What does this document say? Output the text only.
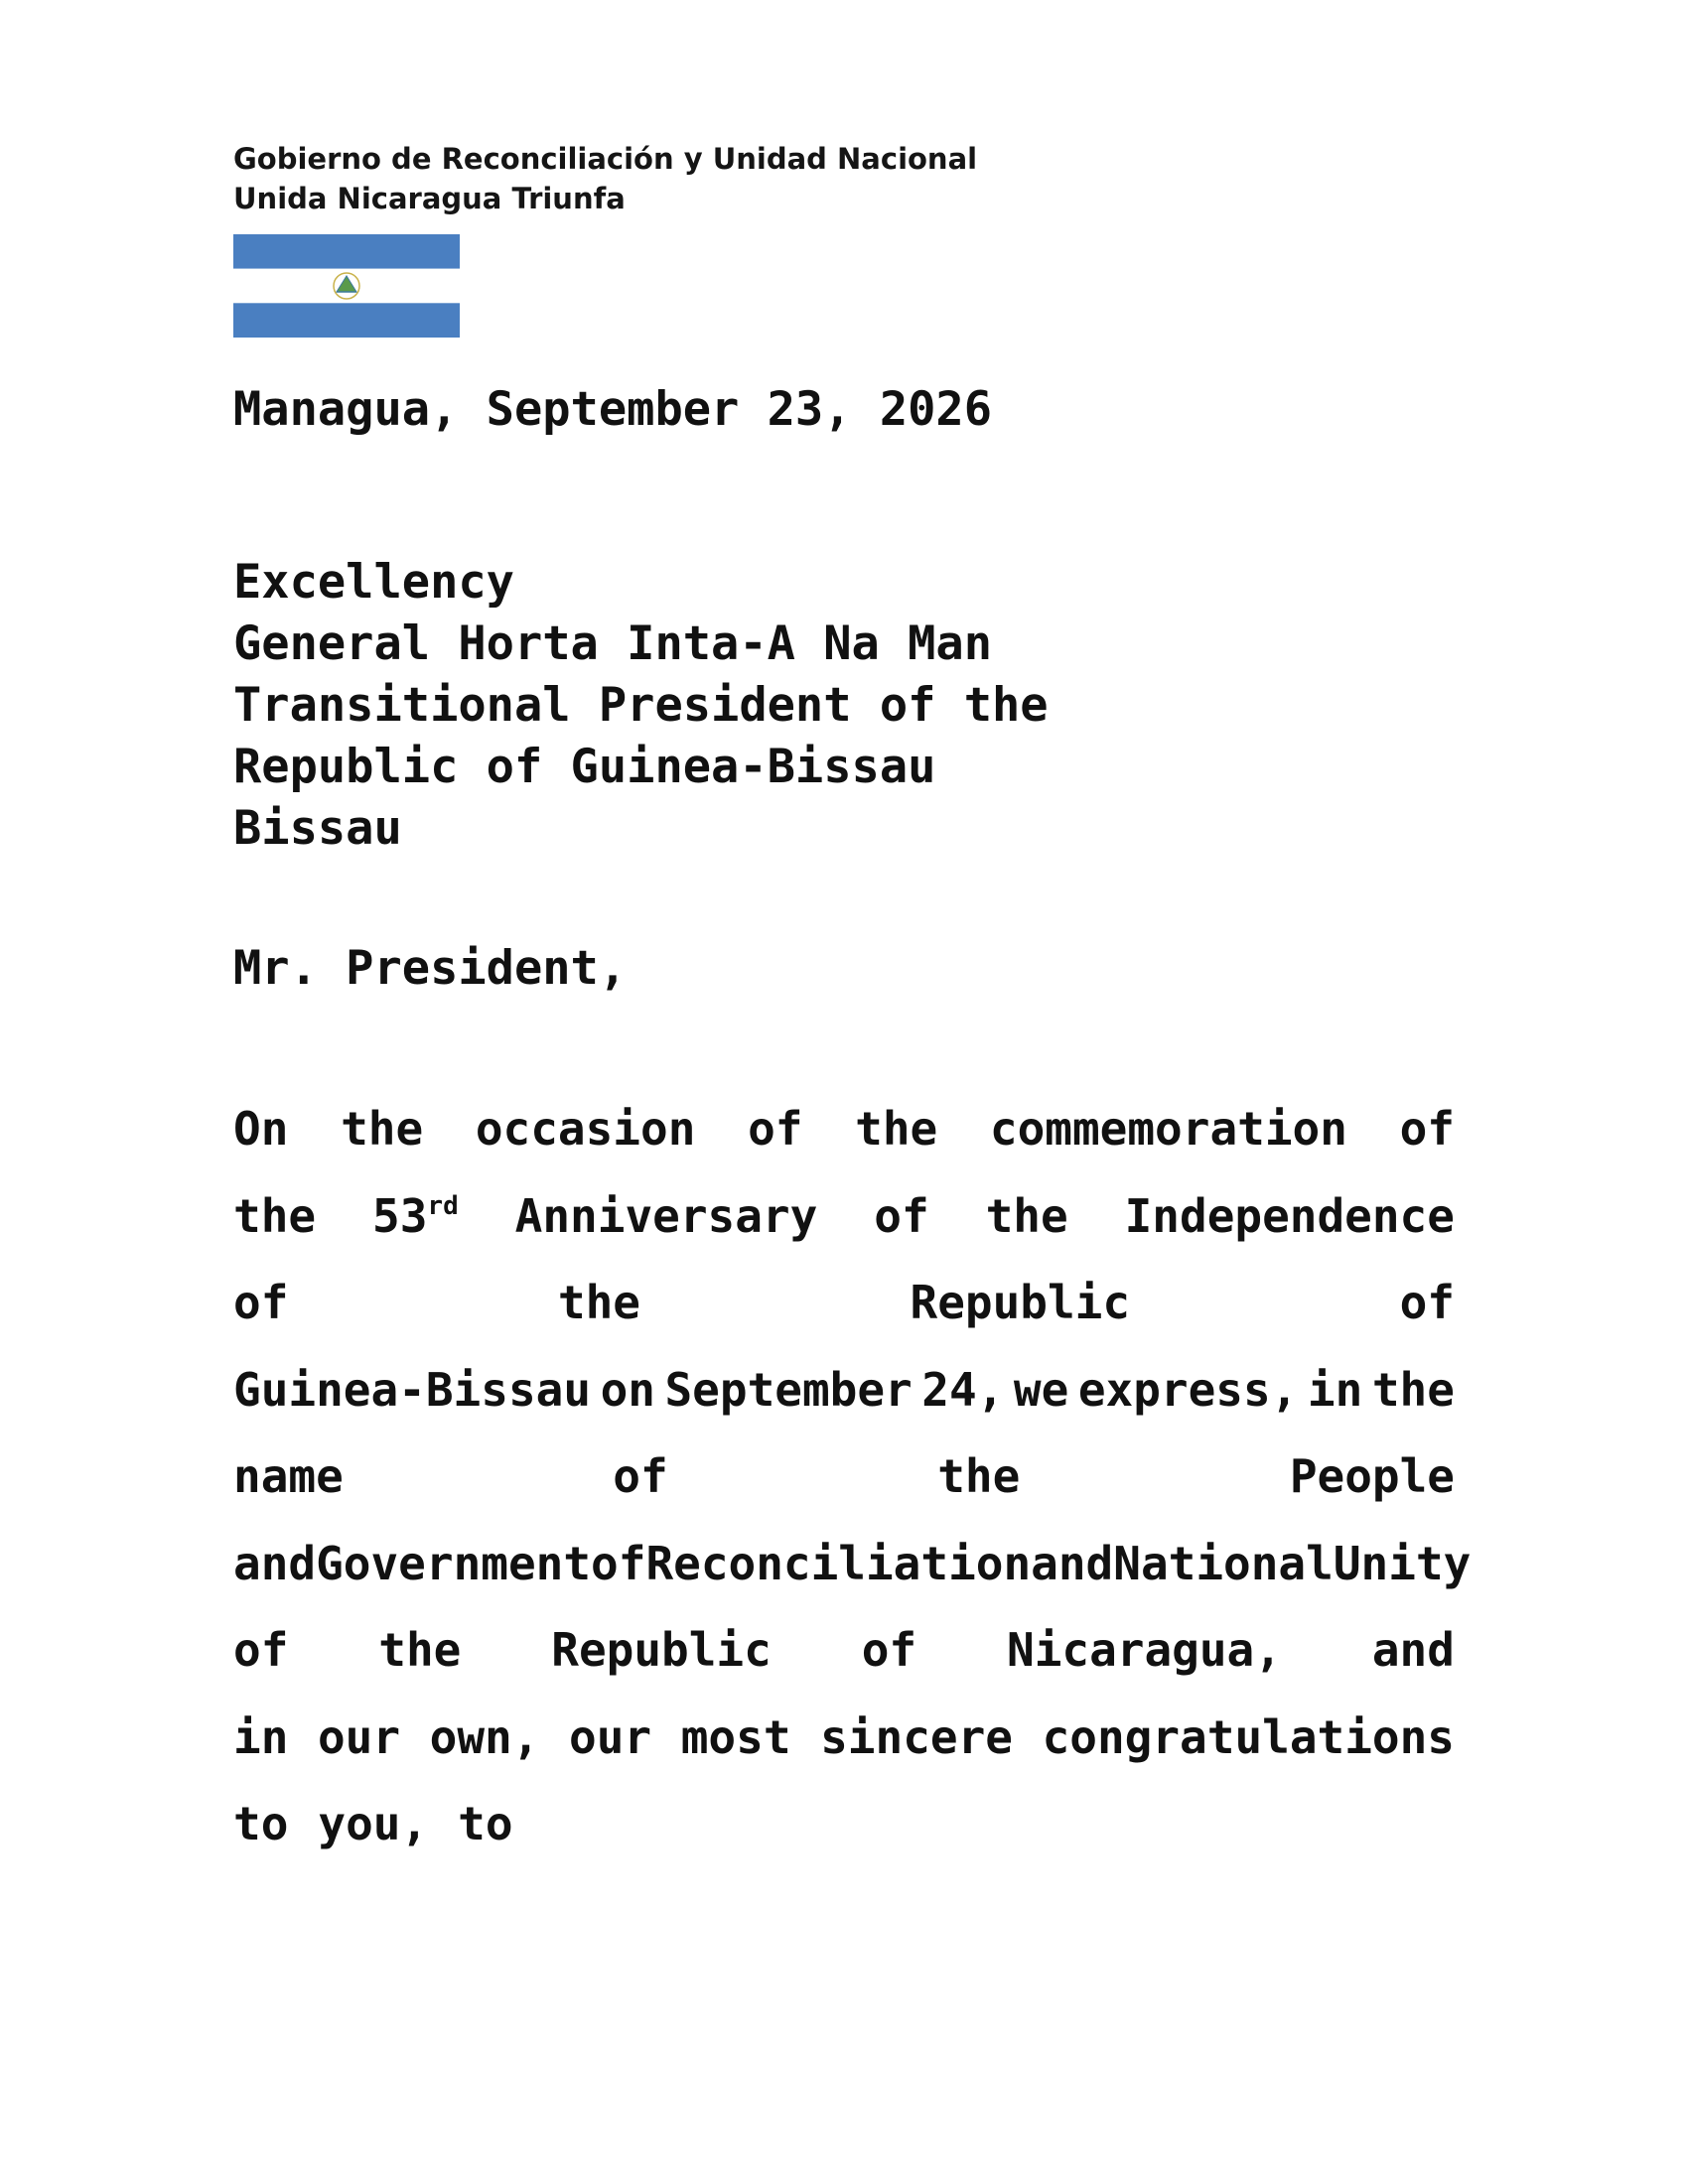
Gobierno de Reconciliación y Unidad Nacional
Unida Nicaragua Triunfa
Managua, September 23, 2026
Excellency
General Horta Inta-A Na Man
Transitional President of the
Republic of Guinea-Bissau
Bissau
Mr. President,
On the occasion of the commemoration of
the 53rd Anniversary of the Independence
of	the	Republic	of
Guinea-Bissau on September 24, we express, in the
name	of	the	People
and Government of Reconciliation and National Unity
of the Republic of Nicaragua, and
in our own, our most sincere congratulations
to you, to
